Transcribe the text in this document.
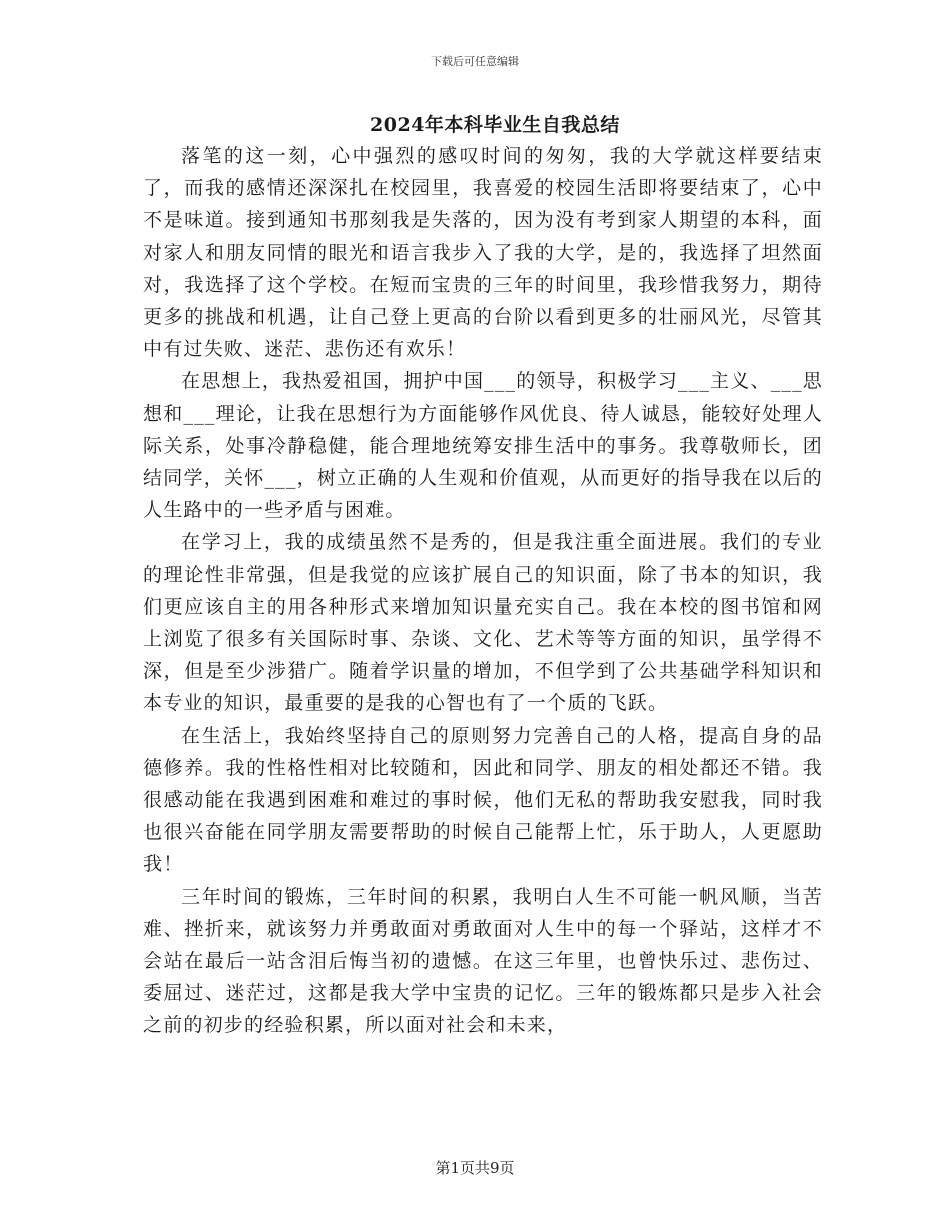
下载后可任意编辑
2024年本科毕业生自我总结

落笔的这一刻，心中强烈的感叹时间的匆匆，我的大学就这样要结束了，而我的感情还深深扎在校园里，我喜爱的校园生活即将要结束了，心中不是味道。接到通知书那刻我是失落的，因为没有考到家人期望的本科，面对家人和朋友同情的眼光和语言我步入了我的大学，是的，我选择了坦然面对，我选择了这个学校。在短而宝贵的三年的时间里，我珍惜我努力，期待更多的挑战和机遇，让自己登上更高的台阶以看到更多的壮丽风光，尽管其中有过失败、迷茫、悲伤还有欢乐！

在思想上，我热爱祖国，拥护中国___的领导，积极学习___主义、___思想和___理论，让我在思想行为方面能够作风优良、待人诚恳，能较好处理人际关系，处事冷静稳健，能合理地统筹安排生活中的事务。我尊敬师长，团结同学，关怀___，树立正确的人生观和价值观，从而更好的指导我在以后的人生路中的一些矛盾与困难。

在学习上，我的成绩虽然不是秀的，但是我注重全面进展。我们的专业的理论性非常强，但是我觉的应该扩展自己的知识面，除了书本的知识，我们更应该自主的用各种形式来增加知识量充实自己。我在本校的图书馆和网上浏览了很多有关国际时事、杂谈、文化、艺术等等方面的知识，虽学得不深，但是至少涉猎广。随着学识量的增加，不但学到了公共基础学科知识和本专业的知识，最重要的是我的心智也有了一个质的飞跃。

在生活上，我始终坚持自己的原则努力完善自己的人格，提高自身的品德修养。我的性格性相对比较随和，因此和同学、朋友的相处都还不错。我很感动能在我遇到困难和难过的事时候，他们无私的帮助我安慰我，同时我也很兴奋能在同学朋友需要帮助的时候自己能帮上忙，乐于助人，人更愿助我！

三年时间的锻炼，三年时间的积累，我明白人生不可能一帆风顺，当苦难、挫折来，就该努力并勇敢面对勇敢面对人生中的每一个驿站，这样才不会站在最后一站含泪后悔当初的遗憾。在这三年里，也曾快乐过、悲伤过、委屈过、迷茫过，这都是我大学中宝贵的记忆。三年的锻炼都只是步入社会之前的初步的经验积累，所以面对社会和未来，

第1页共9页
